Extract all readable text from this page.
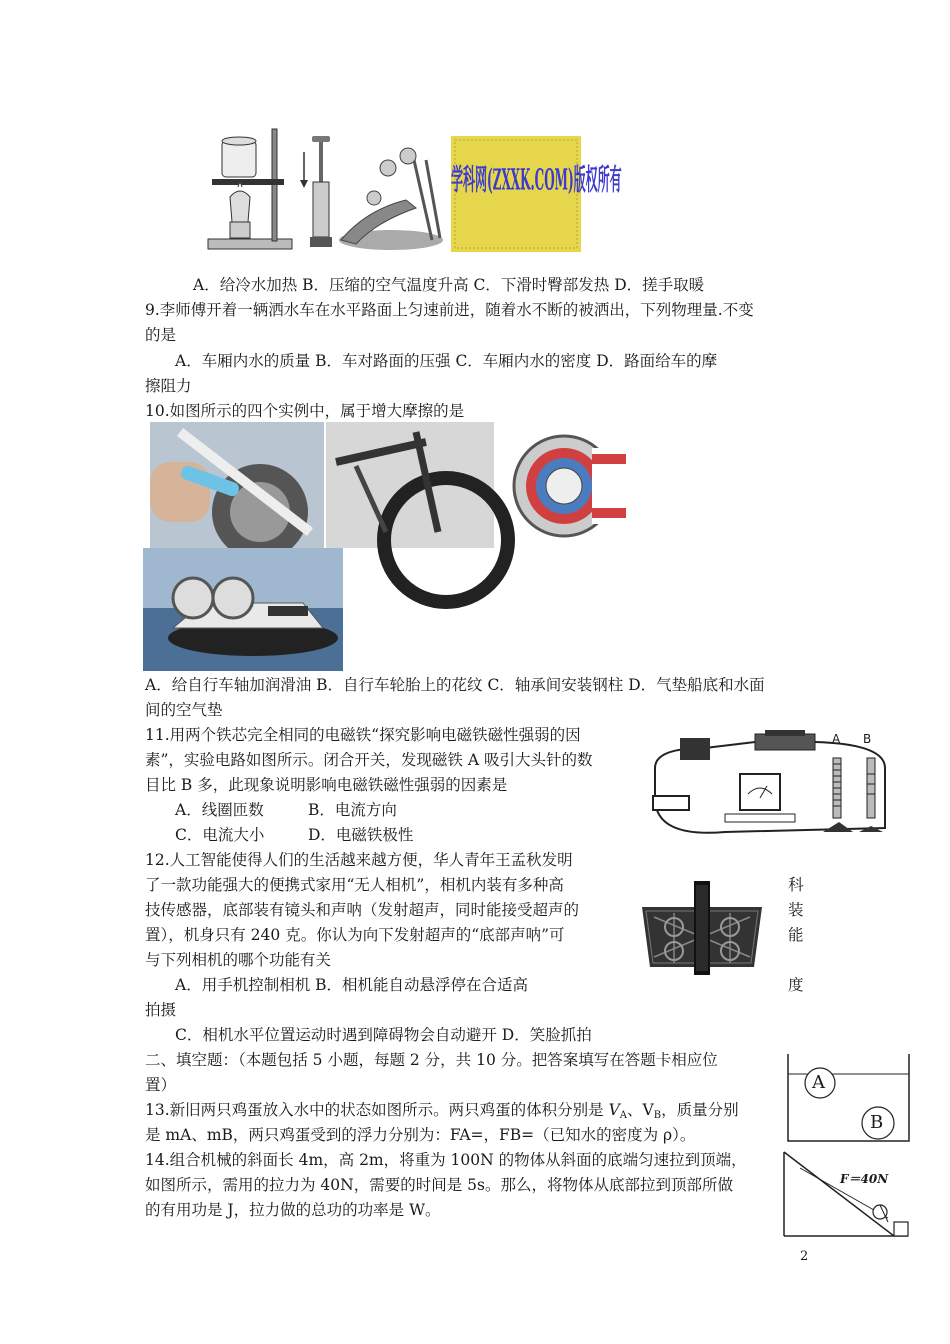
学科网(ZXXK.COM)版权所有
A．给冷水加热 B．压缩的空气温度升高 C．下滑时臀部发热 D．搓手取暖
9.李师傅开着一辆洒水车在水平路面上匀速前进，随着水不断的被洒出，下列物理量.不变
的是
A．车厢内水的质量 B．车对路面的压强 C．车厢内水的密度 D．路面给车的摩
擦阻力
10.如图所示的四个实例中，属于增大摩擦的是
A．给自行车轴加润滑油 B．自行车轮胎上的花纹 C．轴承间安装钢柱 D．气垫船底和水面
间的空气垫
11.用两个铁芯完全相同的电磁铁“探究影响电磁铁磁性强弱的因
素”，实验电路如图所示。闭合开关，发现磁铁 A 吸引大头针的数
目比 B 多，此现象说明影响电磁铁磁性强弱的因素是
A．线圈匝数	B．电流方向
C．电流大小	D．电磁铁极性
A B
12.人工智能使得人们的生活越来越方便，华人青年王孟秋发明
了一款功能强大的便携式家用“无人相机”，相机内装有多种高	科
技传感器，底部装有镜头和声呐（发射超声，同时能接受超声的	装
置），机身只有 240 克。你认为向下发射超声的“底部声呐”可	能
与下列相机的哪个功能有关
A．用手机控制相机 B．相机能自动悬浮停在合适高	度
拍摄
C．相机水平位置运动时遇到障碍物会自动避开 D．笑脸抓拍
二、填空题：（本题包括 5 小题，每题 2 分，共 10 分。把答案填写在答题卡相应位
置）	A
B
13.新旧两只鸡蛋放入水中的状态如图所示。两只鸡蛋的体积分别是 $V_A$、$V_B$，质量分别
是 mA、mB，两只鸡蛋受到的浮力分别为：FA=，FB=（已知水的密度为 ρ）。
14.组合机械的斜面长 4m，高 2m，将重为 100N 的物体从斜面的底端匀速拉到顶端，
如图所示，需用的拉力为 40N，需要的时间是 5s。那么，将物体从底部拉到顶部所做
的有用功是 J，拉力做的总功的功率是 W。
F＝40N
2
